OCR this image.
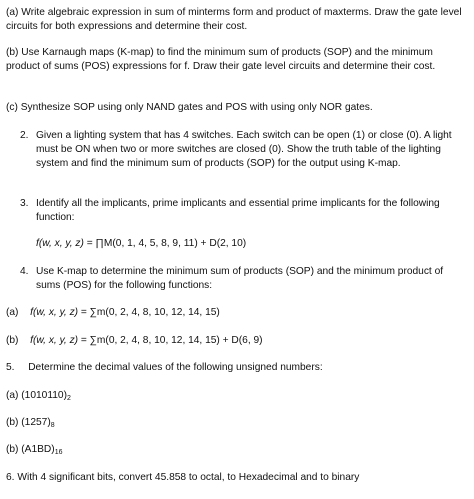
(a) Write algebraic expression in sum of minterms form and product of maxterms. Draw the gate level circuits for both expressions and determine their cost.

(b) Use Karnaugh maps (K-map) to find the minimum sum of products (SOP) and the minimum product of sums (POS) expressions for f. Draw their gate level circuits and determine their cost.

(c) Synthesize SOP using only NAND gates and POS with using only NOR gates.

2. Given a lighting system that has 4 switches. Each switch can be open (1) or close (0). A light must be ON when two or more switches are closed (0). Show the truth table of the lighting system and find the minimum sum of products (SOP) for the output using K-map.
3. Identify all the implicants, prime implicants and essential prime implicants for the following function:
f(w, x, y, z) = ∏M(0, 1, 4, 5, 8, 9, 11) + D(2, 10)
4. Use K-map to determine the minimum sum of products (SOP) and the minimum product of sums (POS) for the following functions:
(a) f(w, x, y, z) = ∑m(0, 2, 4, 8, 10, 12, 14, 15)
(b) f(w, x, y, z) = ∑m(0, 2, 4, 8, 10, 12, 14, 15) + D(6, 9)
5. Determine the decimal values of the following unsigned numbers:
(a) $(1010110)_2$
(b) $(1257)_8$
(b) $(A1BD)_{16}$

6. With 4 significant bits, convert 45.858 to octal, to Hexadecimal and to binary
